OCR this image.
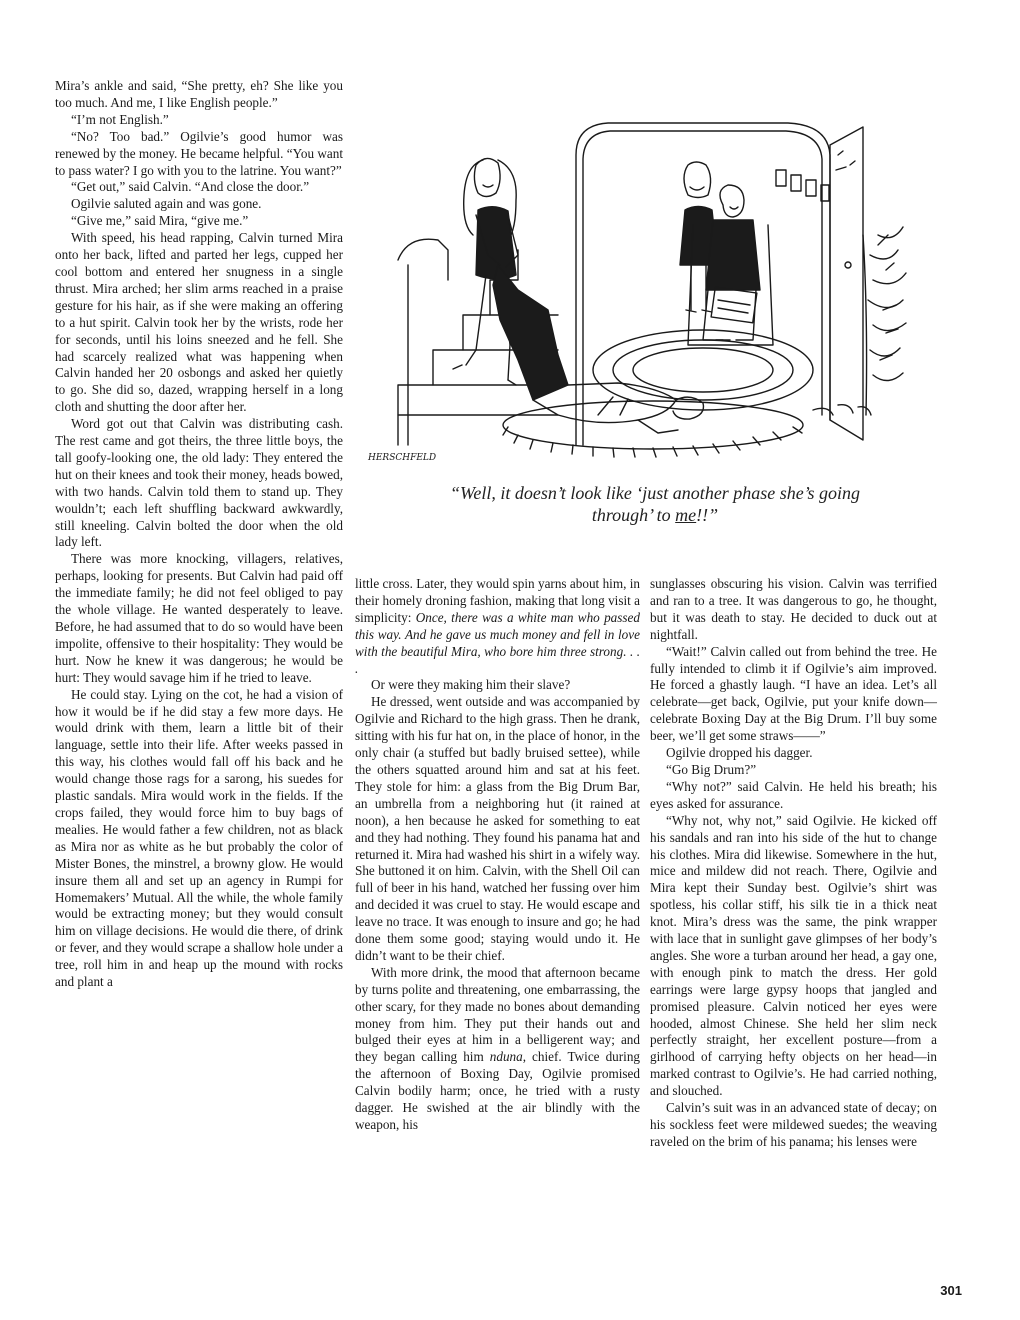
Mira’s ankle and said, “She pretty, eh? She like you too much. And me, I like English people.”

“I’m not English.”

“No? Too bad.” Ogilvie’s good humor was renewed by the money. He became helpful. “You want to pass water? I go with you to the latrine. You want?”

“Get out,” said Calvin. “And close the door.”

Ogilvie saluted again and was gone.

“Give me,” said Mira, “give me.”

With speed, his head rapping, Calvin turned Mira onto her back, lifted and parted her legs, cupped her cool bottom and entered her snugness in a single thrust. Mira arched; her slim arms reached in a praise gesture for his hair, as if she were making an offering to a hut spirit. Calvin took her by the wrists, rode her for seconds, until his loins sneezed and he fell. She had scarcely realized what was happening when Calvin handed her 20 osbongs and asked her quietly to go. She did so, dazed, wrapping herself in a long cloth and shutting the door after her.

Word got out that Calvin was distributing cash. The rest came and got theirs, the three little boys, the tall goofy-looking one, the old lady: They entered the hut on their knees and took their money, heads bowed, with two hands. Calvin told them to stand up. They wouldn’t; each left shuffling backward awkwardly, still kneeling. Calvin bolted the door when the old lady left.

There was more knocking, villagers, relatives, perhaps, looking for presents. But Calvin had paid off the immediate family; he did not feel obliged to pay the whole village. He wanted desperately to leave. Before, he had assumed that to do so would have been impolite, offensive to their hospitality: They would be hurt. Now he knew it was dangerous; he would be hurt: They would savage him if he tried to leave.

He could stay. Lying on the cot, he had a vision of how it would be if he did stay a few more days. He would drink with them, learn a little bit of their language, settle into their life. After weeks passed in this way, his clothes would fall off his back and he would change those rags for a sarong, his suedes for plastic sandals. Mira would work in the fields. If the crops failed, they would force him to buy bags of mealies. He would father a few children, not as black as Mira nor as white as he but probably the color of Mister Bones, the minstrel, a browny glow. He would insure them all and set up an agency in Rumpi for Homemakers’ Mutual. All the while, the whole family would be extracting money; but they would consult him on village decisions. He would die there, of drink or fever, and they would scrape a shallow hole under a tree, roll him in and heap up the mound with rocks and plant a

HERSCHFELD
“Well, it doesn’t look like ‘just another phase she’s going through’ to me!!”

little cross. Later, they would spin yarns about him, in their homely droning fashion, making that long visit a simplicity: Once, there was a white man who passed this way. And he gave us much money and fell in love with the beautiful Mira, who bore him three strong. . . .

Or were they making him their slave?

He dressed, went outside and was accompanied by Ogilvie and Richard to the high grass. Then he drank, sitting with his fur hat on, in the place of honor, in the only chair (a stuffed but badly bruised settee), while the others squatted around him and sat at his feet. They stole for him: a glass from the Big Drum Bar, an umbrella from a neighboring hut (it rained at noon), a hen because he asked for something to eat and they had nothing. They found his panama hat and returned it. Mira had washed his shirt in a wifely way. She buttoned it on him. Calvin, with the Shell Oil can full of beer in his hand, watched her fussing over him and decided it was cruel to stay. He would escape and leave no trace. It was enough to insure and go; he had done them some good; staying would undo it. He didn’t want to be their chief.

With more drink, the mood that afternoon became by turns polite and threatening, one embarrassing, the other scary, for they made no bones about demanding money from him. They put their hands out and bulged their eyes at him in a belligerent way; and they began calling him nduna, chief. Twice during the afternoon of Boxing Day, Ogilvie promised Calvin bodily harm; once, he tried with a rusty dagger. He swished at the air blindly with the weapon, his

sunglasses obscuring his vision. Calvin was terrified and ran to a tree. It was dangerous to go, he thought, but it was death to stay. He decided to duck out at nightfall.

“Wait!” Calvin called out from behind the tree. He fully intended to climb it if Ogilvie’s aim improved. He forced a ghastly laugh. “I have an idea. Let’s all celebrate—get back, Ogilvie, put your knife down—celebrate Boxing Day at the Big Drum. I’ll buy some beer, we’ll get some straws——”

Ogilvie dropped his dagger.

“Go Big Drum?”

“Why not?” said Calvin. He held his breath; his eyes asked for assurance.

“Why not, why not,” said Ogilvie. He kicked off his sandals and ran into his side of the hut to change his clothes. Mira did likewise. Somewhere in the hut, mice and mildew did not reach. There, Ogilvie and Mira kept their Sunday best. Ogilvie’s shirt was spotless, his collar stiff, his silk tie in a thick neat knot. Mira’s dress was the same, the pink wrapper with lace that in sunlight gave glimpses of her body’s angles. She wore a turban around her head, a gay one, with enough pink to match the dress. Her gold earrings were large gypsy hoops that jangled and promised pleasure. Calvin noticed her eyes were hooded, almost Chinese. She held her slim neck perfectly straight, her excellent posture—from a girlhood of carrying hefty objects on her head—in marked contrast to Ogilvie’s. He had carried nothing, and slouched.

Calvin’s suit was in an advanced state of decay; on his sockless feet were mildewed suedes; the weaving raveled on the brim of his panama; his lenses were

301
